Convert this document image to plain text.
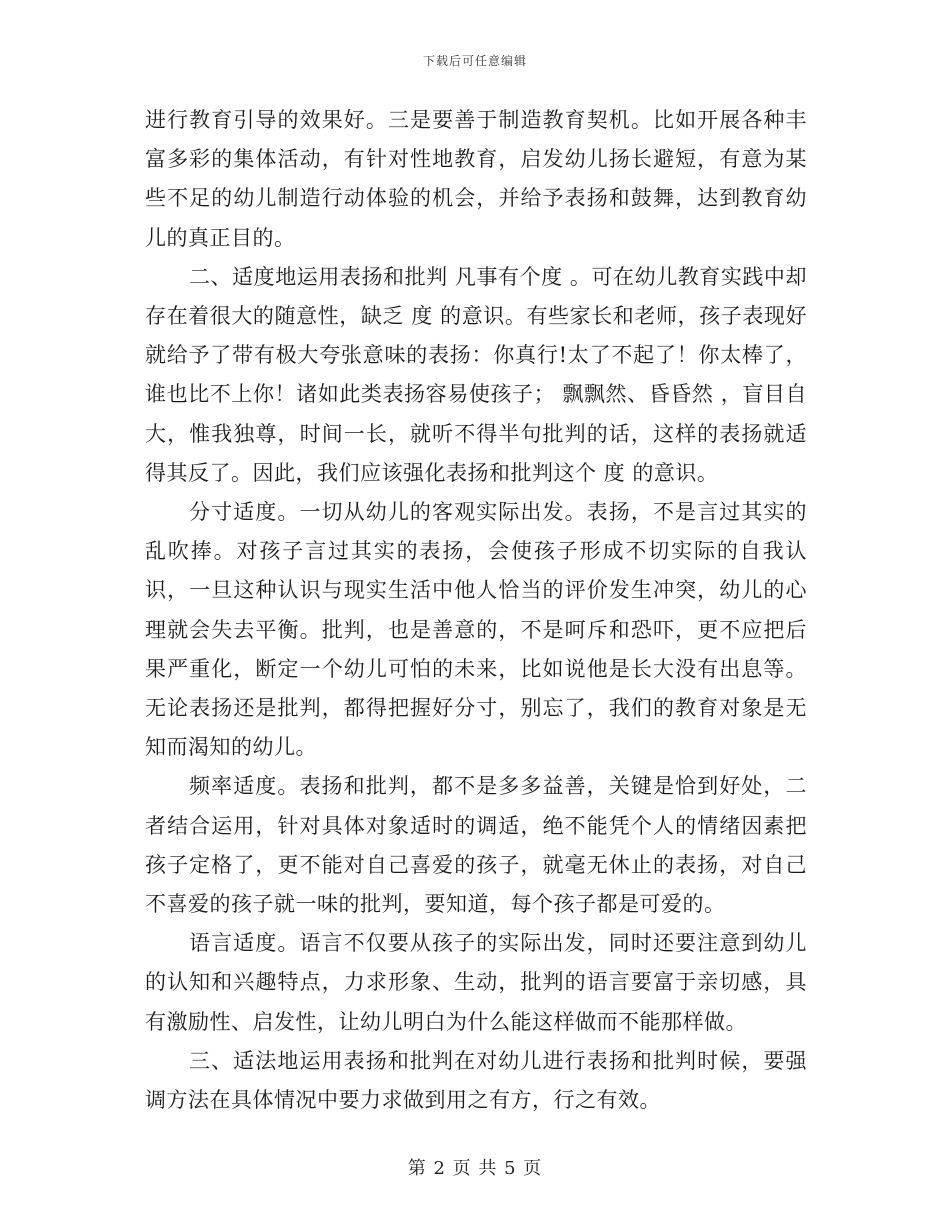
下载后可任意编辑

进行教育引导的效果好。三是要善于制造教育契机。比如开展各种丰富多彩的集体活动，有针对性地教育，启发幼儿扬长避短，有意为某些不足的幼儿制造行动体验的机会，并给予表扬和鼓舞，达到教育幼儿的真正目的。

二、适度地运用表扬和批判 凡事有个度 。可在幼儿教育实践中却存在着很大的随意性，缺乏 度 的意识。有些家长和老师，孩子表现好就给予了带有极大夸张意味的表扬：你真行!太了不起了！你太棒了，谁也比不上你！诸如此类表扬容易使孩子； 飘飘然、昏昏然 ，盲目自大，惟我独尊，时间一长，就听不得半句批判的话，这样的表扬就适得其反了。因此，我们应该强化表扬和批判这个 度 的意识。

分寸适度。一切从幼儿的客观实际出发。表扬，不是言过其实的乱吹捧。对孩子言过其实的表扬，会使孩子形成不切实际的自我认识，一旦这种认识与现实生活中他人恰当的评价发生冲突，幼儿的心理就会失去平衡。批判，也是善意的，不是呵斥和恐吓，更不应把后果严重化，断定一个幼儿可怕的未来，比如说他是长大没有出息等。无论表扬还是批判，都得把握好分寸，别忘了，我们的教育对象是无知而渴知的幼儿。

频率适度。表扬和批判，都不是多多益善，关键是恰到好处，二者结合运用，针对具体对象适时的调适，绝不能凭个人的情绪因素把孩子定格了，更不能对自己喜爱的孩子，就毫无休止的表扬，对自己不喜爱的孩子就一味的批判，要知道，每个孩子都是可爱的。

语言适度。语言不仅要从孩子的实际出发，同时还要注意到幼儿的认知和兴趣特点，力求形象、生动，批判的语言要富于亲切感，具有激励性、启发性，让幼儿明白为什么能这样做而不能那样做。

三、适法地运用表扬和批判在对幼儿进行表扬和批判时候，要强调方法在具体情况中要力求做到用之有方，行之有效。

第 2 页 共 5 页
